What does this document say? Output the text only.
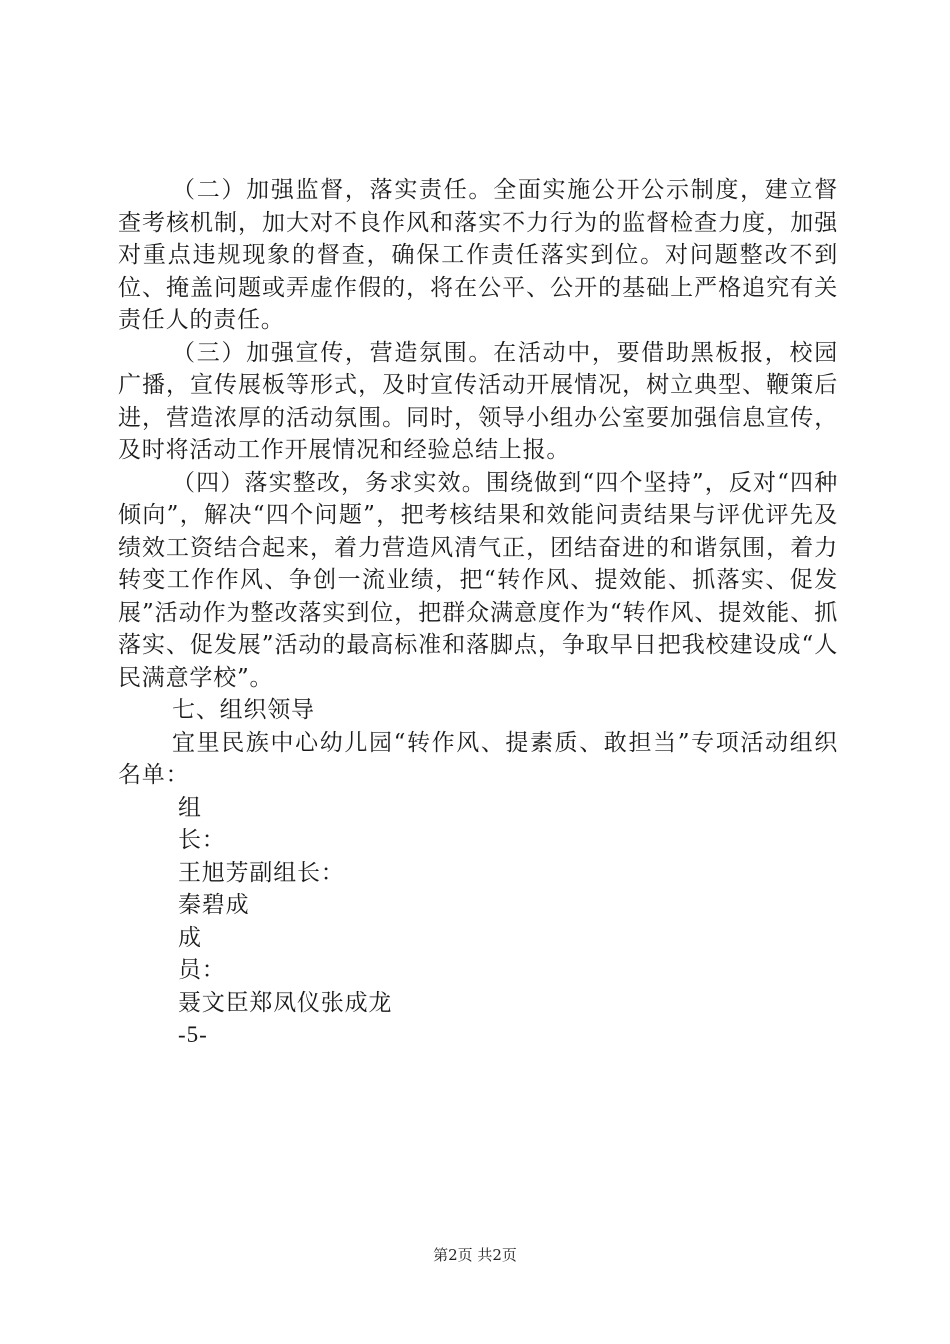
（二）加强监督，落实责任。全面实施公开公示制度，建立督查考核机制，加大对不良作风和落实不力行为的监督检查力度，加强对重点违规现象的督查，确保工作责任落实到位。对问题整改不到位、掩盖问题或弄虚作假的，将在公平、公开的基础上严格追究有关责任人的责任。

（三）加强宣传，营造氛围。在活动中，要借助黑板报，校园广播，宣传展板等形式，及时宣传活动开展情况，树立典型、鞭策后进，营造浓厚的活动氛围。同时，领导小组办公室要加强信息宣传，及时将活动工作开展情况和经验总结上报。

（四）落实整改，务求实效。围绕做到“四个坚持”，反对“四种倾向”，解决“四个问题”，把考核结果和效能问责结果与评优评先及绩效工资结合起来，着力营造风清气正，团结奋进的和谐氛围，着力转变工作作风、争创一流业绩，把“转作风、提效能、抓落实、促发展”活动作为整改落实到位，把群众满意度作为“转作风、提效能、抓落实、促发展”活动的最高标准和落脚点，争取早日把我校建设成“人民满意学校”。

七、组织领导

宜里民族中心幼儿园“转作风、提素质、敢担当”专项活动组织名单：

组

长：

王旭芳副组长：

秦碧成

成

员：

聂文臣郑凤仪张成龙

-5-

第2页 共2页
